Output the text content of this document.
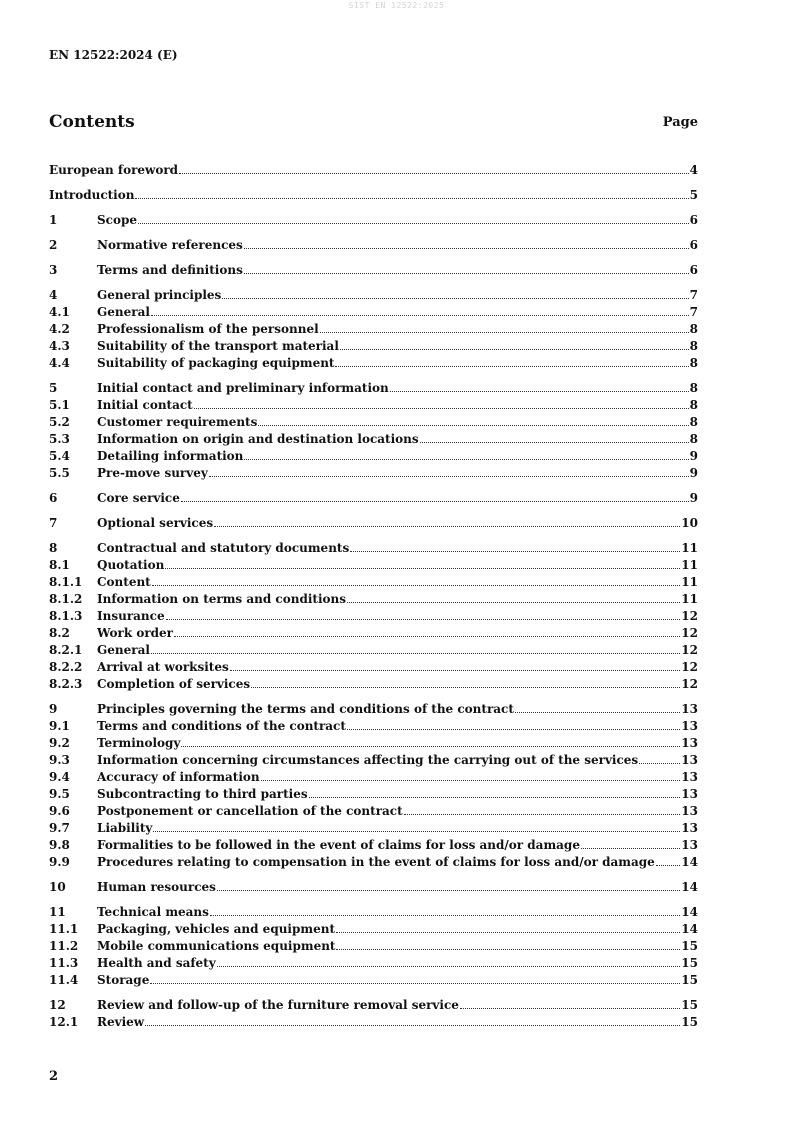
SIST EN 12522:2025
EN 12522:2024 (E)
Contents	Page
European foreword	4
Introduction	5
1	Scope	6
2	Normative references	6
3	Terms and definitions	6
4	General principles	7
4.1	General	7
4.2	Professionalism of the personnel	8
4.3	Suitability of the transport material	8
4.4	Suitability of packaging equipment	8
5	Initial contact and preliminary information	8
5.1	Initial contact	8
5.2	Customer requirements	8
5.3	Information on origin and destination locations	8
5.4	Detailing information	9
5.5	Pre-move survey	9
6	Core service	9
7	Optional services	10
8	Contractual and statutory documents	11
8.1	Quotation	11
8.1.1	Content	11
8.1.2	Information on terms and conditions	11
8.1.3	Insurance	12
8.2	Work order	12
8.2.1	General	12
8.2.2	Arrival at worksites	12
8.2.3	Completion of services	12
9	Principles governing the terms and conditions of the contract	13
9.1	Terms and conditions of the contract	13
9.2	Terminology	13
9.3	Information concerning circumstances affecting the carrying out of the services	13
9.4	Accuracy of information	13
9.5	Subcontracting to third parties	13
9.6	Postponement or cancellation of the contract	13
9.7	Liability	13
9.8	Formalities to be followed in the event of claims for loss and/or damage	13
9.9	Procedures relating to compensation in the event of claims for loss and/or damage 14
10	Human resources	14
11	Technical means	14
11.1	Packaging, vehicles and equipment	14
11.2	Mobile communications equipment	15
11.3	Health and safety	15
11.4	Storage	15
12	Review and follow-up of the furniture removal service	15
12.1	Review	15
2
